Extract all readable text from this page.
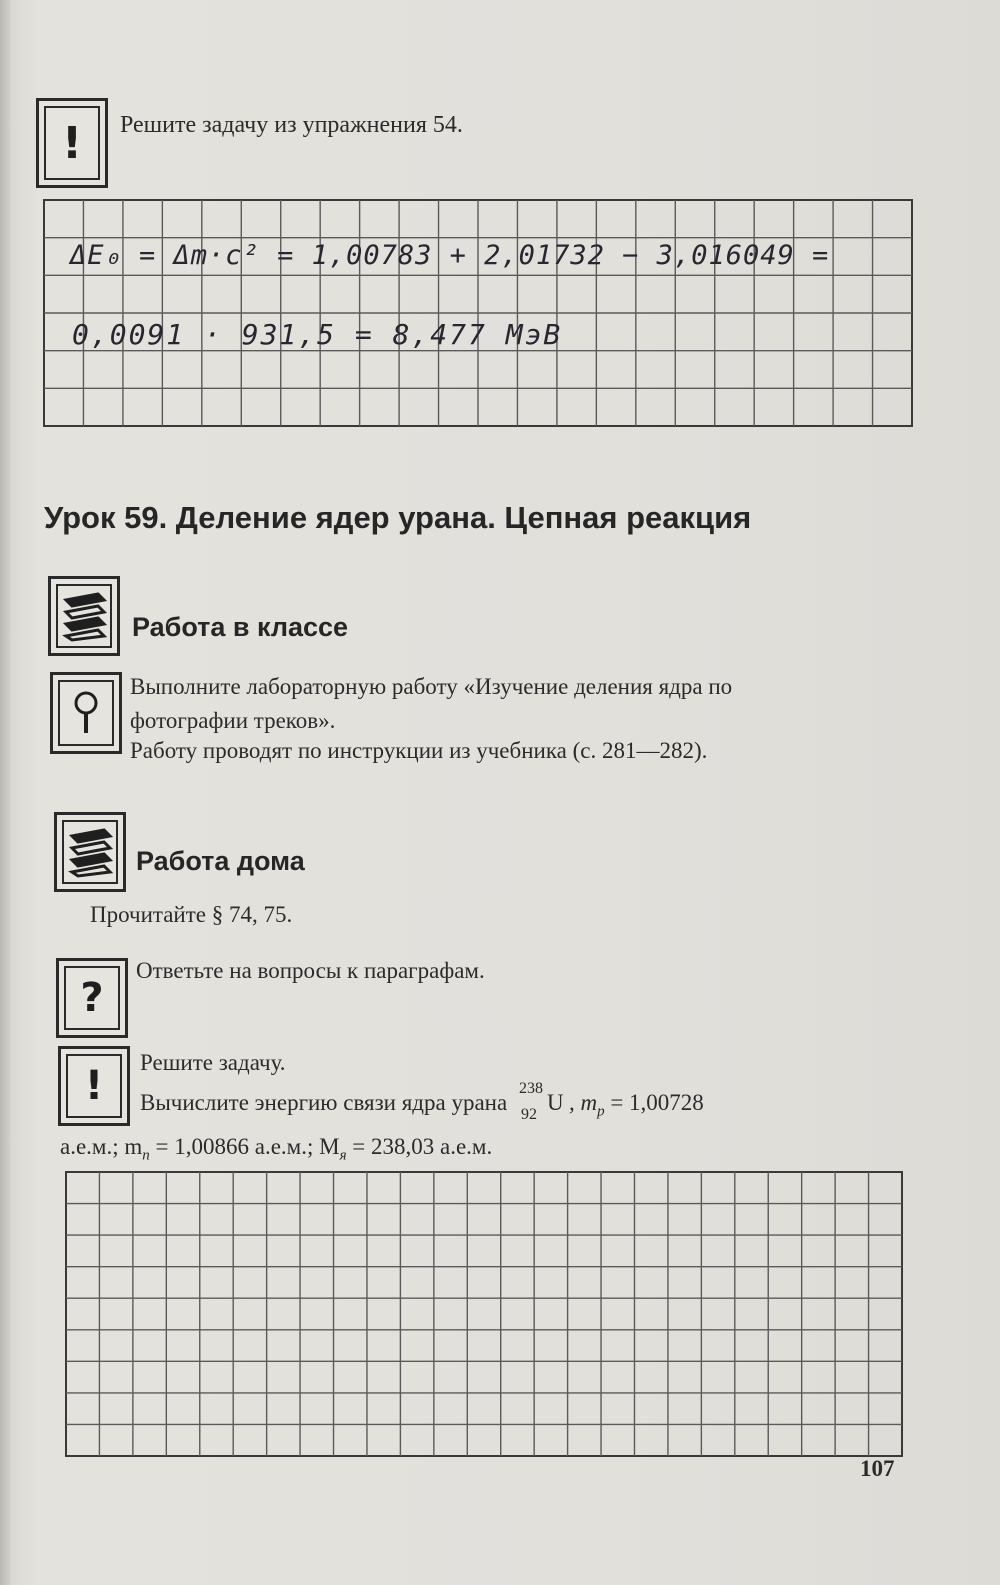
! Решите задачу из упражнения 54.
ΔE₀ = Δm·c² = 1,00783 + 2,01732 − 3,016049 =
0,0091 · 931,5 = 8,477 МэВ
Урок 59. Деление ядер урана. Цепная реакция
Работа в классе
Выполните лабораторную работу «Изучение деления ядра по
фотографии треков».
Работу проводят по инструкции из учебника (с. 281—282).
Работа дома
Прочитайте § 74, 75.
?
Ответьте на вопросы к параграфам.
!
Решите задачу.
Вычислите энергию связи ядра урана
238
92 U , $m_p = 1,00728$
а.е.м.; $m_n = 1,00866$ а.е.м.; $M_я = 238,03$ а.е.м.
107
